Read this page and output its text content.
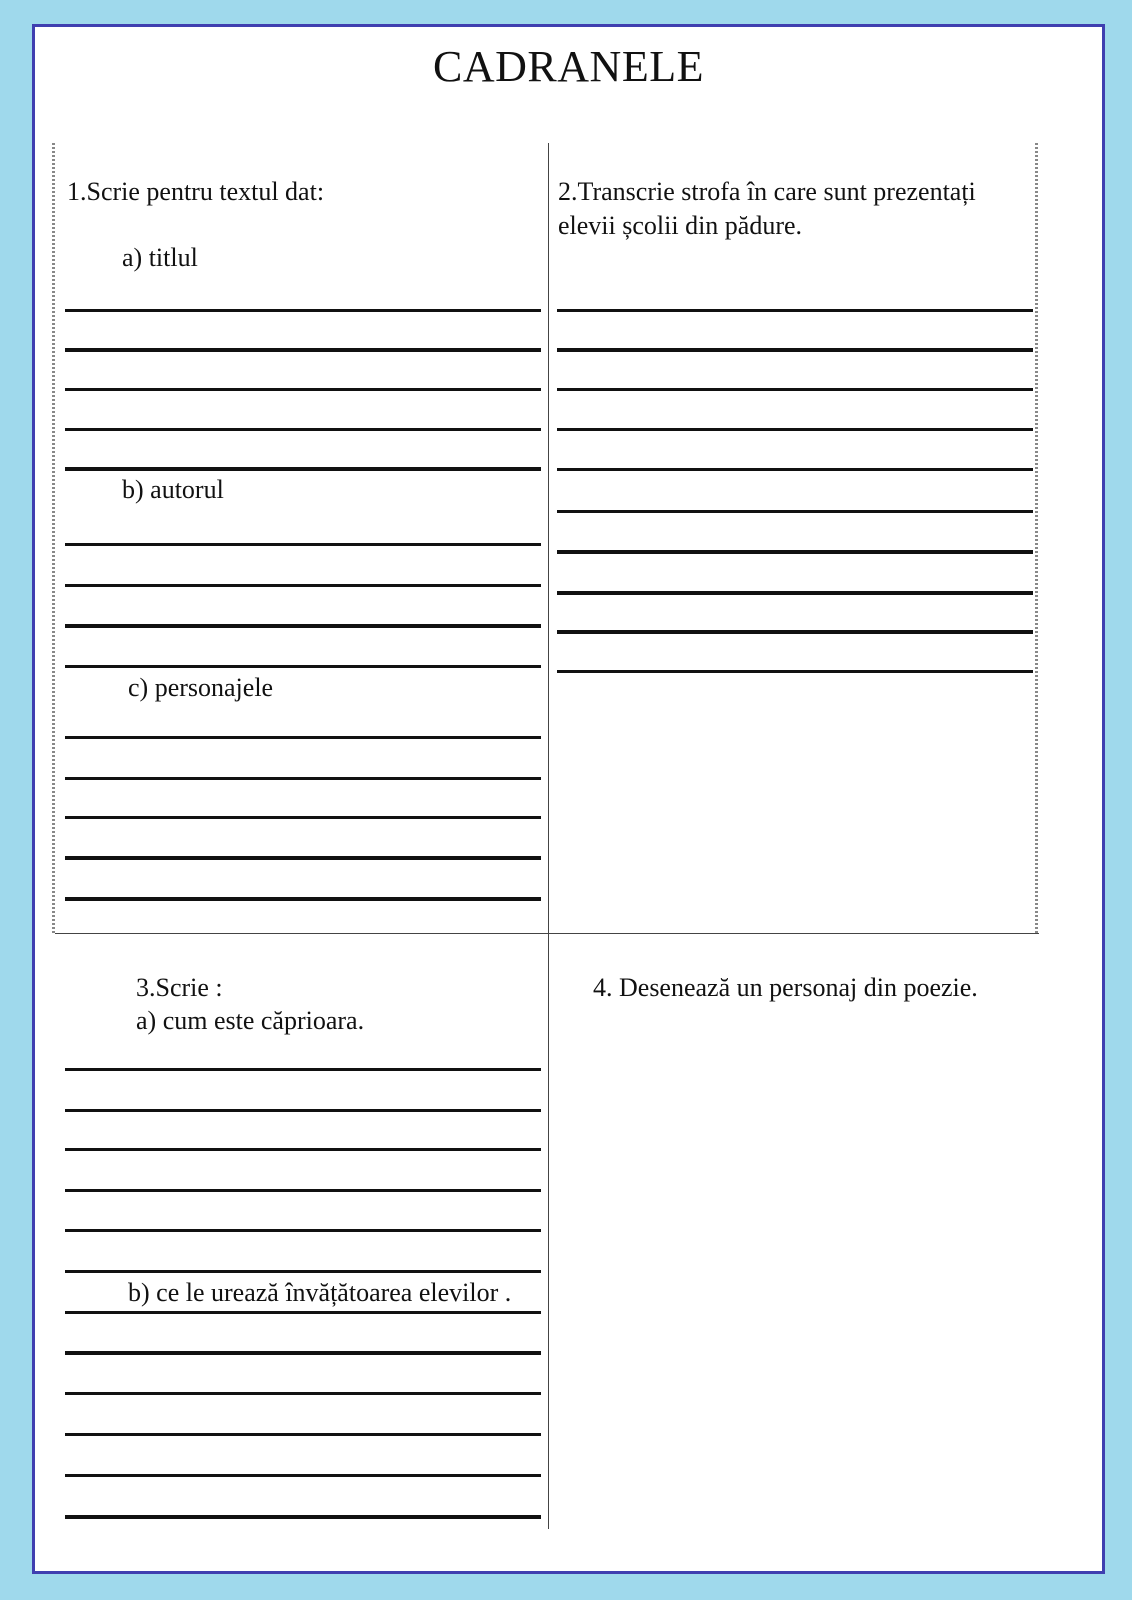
CADRANELE
1.Scrie pentru textul dat:
a) titlul
b) autorul
c) personajele
2.Transcrie strofa în care sunt prezentați elevii școlii din pădure.
3.Scrie :
a) cum este căprioara.
b) ce le urează învățătoarea elevilor .
4. Desenează un personaj din poezie.
